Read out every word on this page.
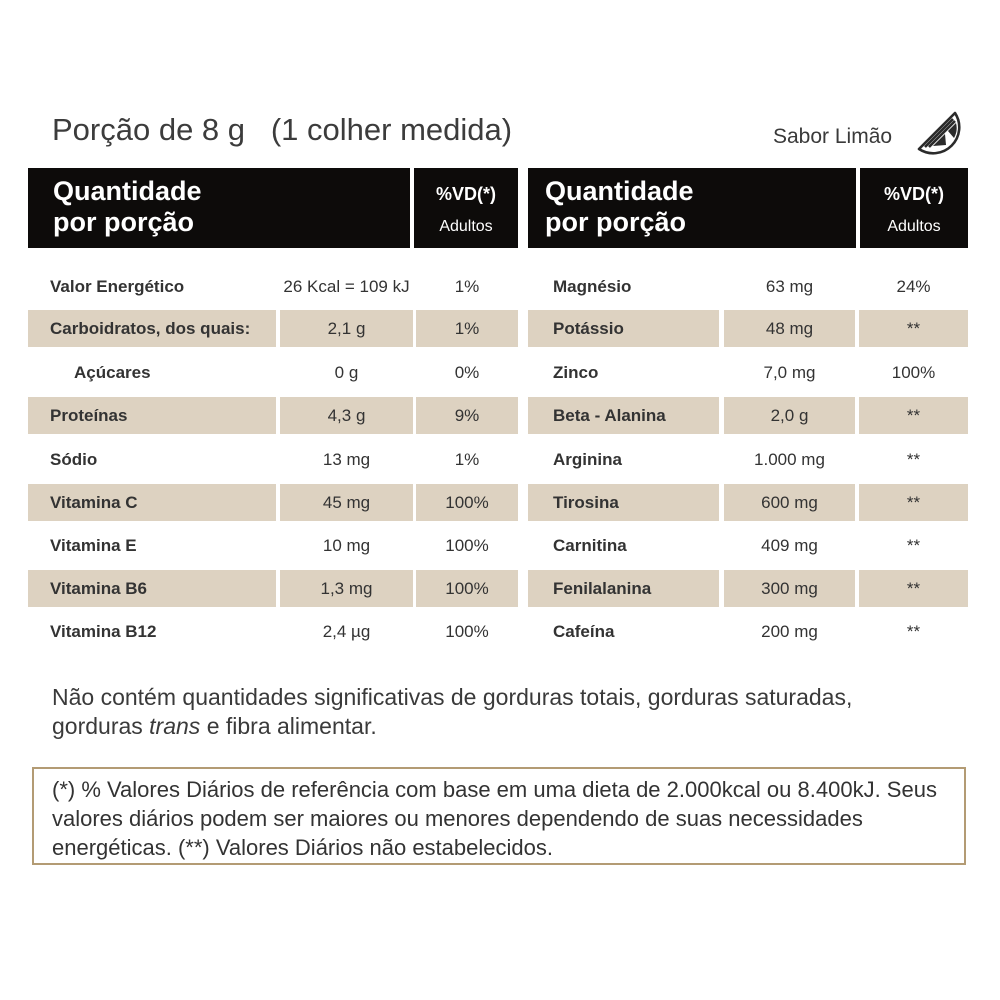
Porção de 8 g   (1 colher medida)	Sabor Limão
Quantidade
por porção
%VD(*)
Adultos
Quantidade
por porção
%VD(*)
Adultos
Valor Energético	26 Kcal = 109 kJ	1%
Carboidratos, dos quais:	2,1 g	1%
Açúcares	0 g	0%
Proteínas	4,3 g	9%
Sódio	13 mg	1%
Vitamina C	45 mg	100%
Vitamina E	10 mg	100%
Vitamina B6	1,3 mg	100%
Vitamina B12	2,4 µg	100%
Magnésio	63 mg	24%
Potássio	48 mg	**
Zinco	7,0 mg	100%
Beta - Alanina	2,0 g	**
Arginina	1.000 mg	**
Tirosina	600 mg	**
Carnitina	409 mg	**
Fenilalanina	300 mg	**
Cafeína	200 mg	**
Não contém quantidades significativas de gorduras totais, gorduras saturadas, gorduras trans e fibra alimentar.
(*) % Valores Diários de referência com base em uma dieta de 2.000kcal ou 8.400kJ. Seus valores diários podem ser maiores ou menores dependendo de suas necessidades energéticas. (**) Valores Diários não estabelecidos.
